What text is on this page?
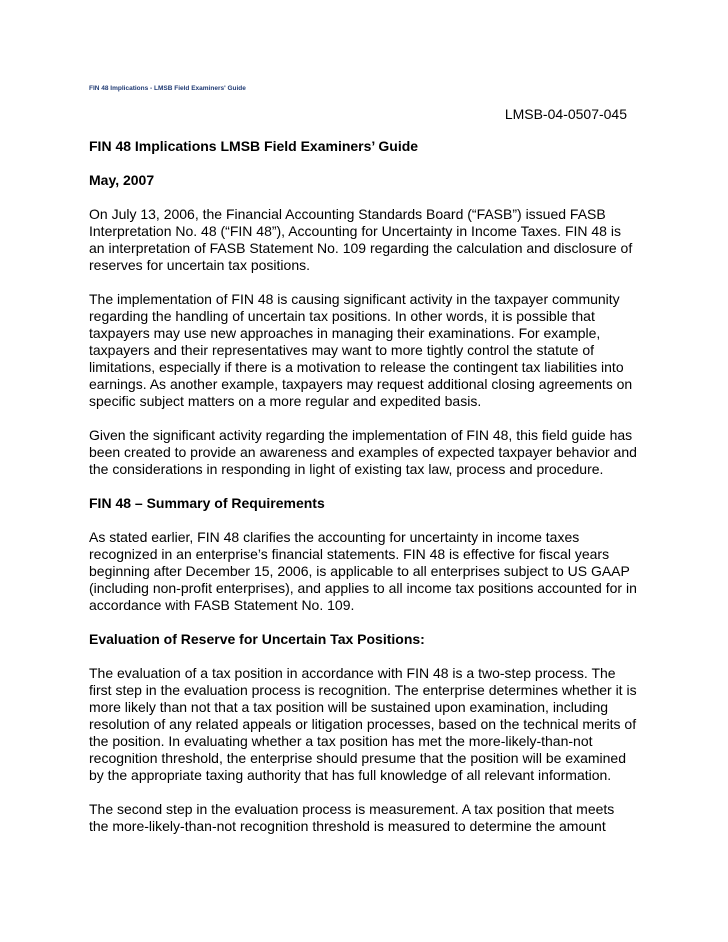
FIN 48 Implications - LMSB Field Examiners' Guide
LMSB-04-0507-045

FIN 48 Implications LMSB Field Examiners’ Guide

May, 2007

On July 13, 2006, the Financial Accounting Standards Board (“FASB”) issued FASB Interpretation No. 48 (“FIN 48”), Accounting for Uncertainty in Income Taxes. FIN 48 is an interpretation of FASB Statement No. 109 regarding the calculation and disclosure of reserves for uncertain tax positions.

The implementation of FIN 48 is causing significant activity in the taxpayer community regarding the handling of uncertain tax positions. In other words, it is possible that taxpayers may use new approaches in managing their examinations. For example, taxpayers and their representatives may want to more tightly control the statute of limitations, especially if there is a motivation to release the contingent tax liabilities into earnings. As another example, taxpayers may request additional closing agreements on specific subject matters on a more regular and expedited basis.

Given the significant activity regarding the implementation of FIN 48, this field guide has been created to provide an awareness and examples of expected taxpayer behavior and the considerations in responding in light of existing tax law, process and procedure.

FIN 48 – Summary of Requirements

As stated earlier, FIN 48 clarifies the accounting for uncertainty in income taxes recognized in an enterprise’s financial statements. FIN 48 is effective for fiscal years beginning after December 15, 2006, is applicable to all enterprises subject to US GAAP (including non-profit enterprises), and applies to all income tax positions accounted for in accordance with FASB Statement No. 109.

Evaluation of Reserve for Uncertain Tax Positions:

The evaluation of a tax position in accordance with FIN 48 is a two-step process. The first step in the evaluation process is recognition. The enterprise determines whether it is more likely than not that a tax position will be sustained upon examination, including resolution of any related appeals or litigation processes, based on the technical merits of the position. In evaluating whether a tax position has met the more-likely-than-not recognition threshold, the enterprise should presume that the position will be examined by the appropriate taxing authority that has full knowledge of all relevant information.

The second step in the evaluation process is measurement. A tax position that meets the more-likely-than-not recognition threshold is measured to determine the amount
